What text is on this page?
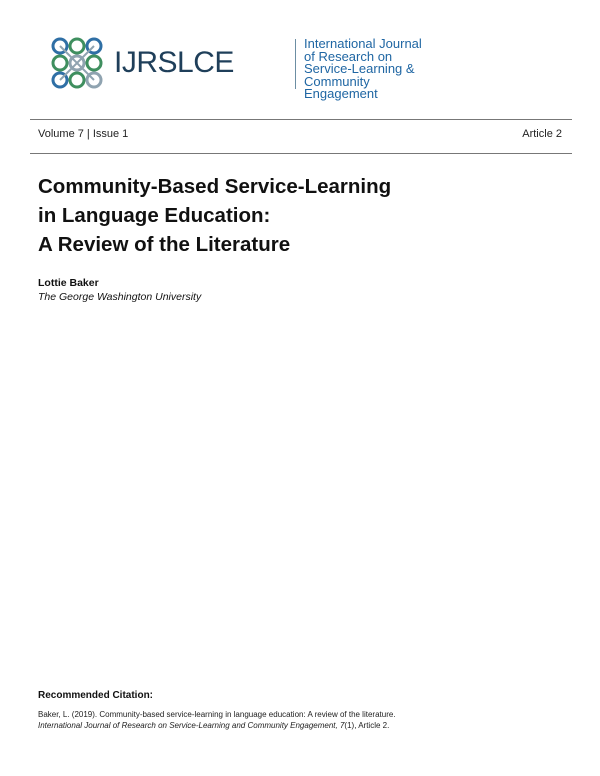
IJRSLCE
International Journal
of Research on
Service-Learning &
Community Engagement
Volume 7 | Issue 1	Article 2
Community-Based Service-Learning
in Language Education:
A Review of the Literature
Lottie Baker
The George Washington University
Recommended Citation:
Baker, L. (2019). Community-based service-learning in language education: A review of the literature.
International Journal of Research on Service-Learning and Community Engagement, 7(1), Article 2.
